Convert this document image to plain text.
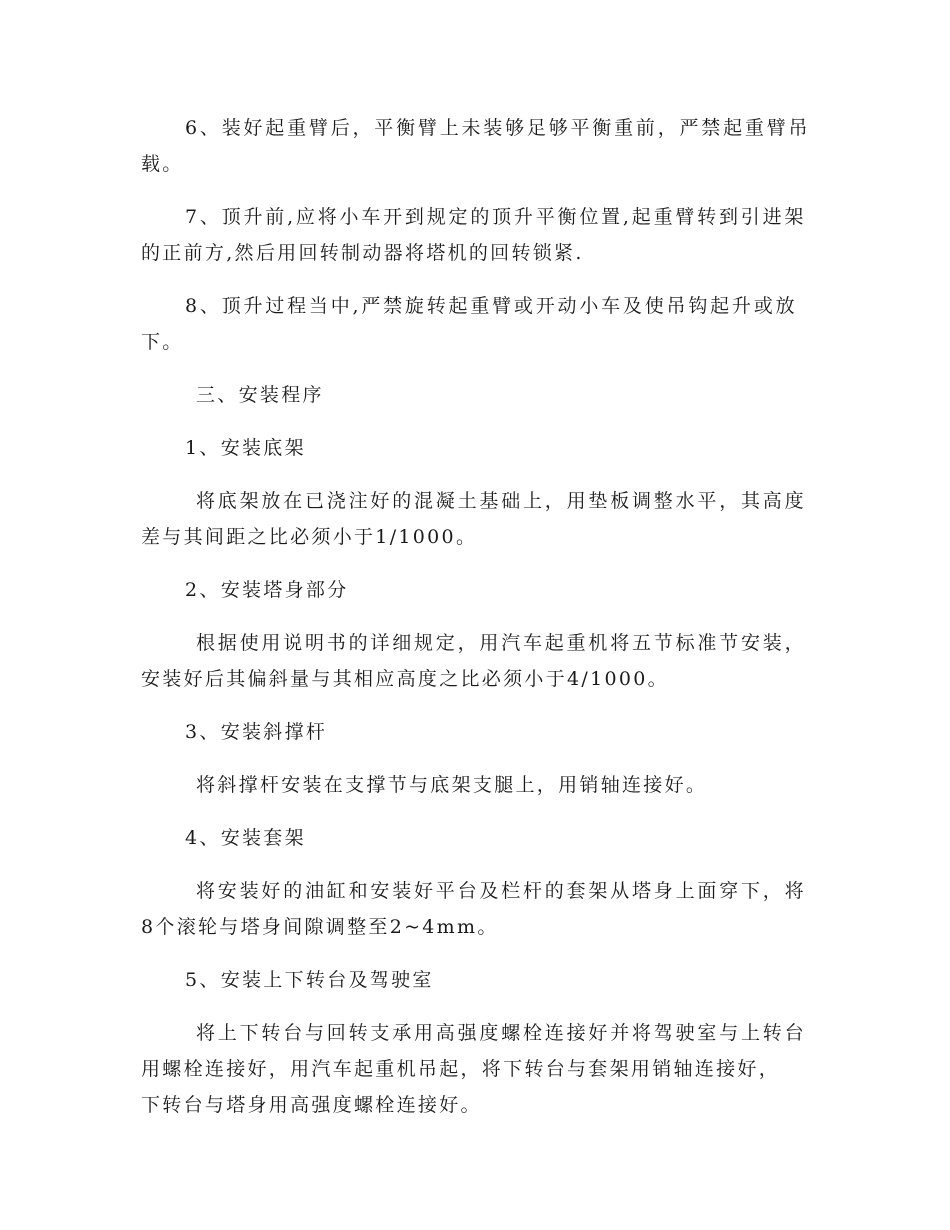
6、装好起重臂后，平衡臂上未装够足够平衡重前，严禁起重臂吊
载。
7、顶升前,应将小车开到规定的顶升平衡位置,起重臂转到引进架
的正前方,然后用回转制动器将塔机的回转锁紧.
8、顶升过程当中,严禁旋转起重臂或开动小车及使吊钩起升或放
下。
三、安装程序
1、安装底架
将底架放在已浇注好的混凝土基础上，用垫板调整水平，其高度
差与其间距之比必须小于1/1000。
2、安装塔身部分
根据使用说明书的详细规定，用汽车起重机将五节标准节安装，
安装好后其偏斜量与其相应高度之比必须小于4/1000。
3、安装斜撑杆
将斜撑杆安装在支撑节与底架支腿上，用销轴连接好。
4、安装套架
将安装好的油缸和安装好平台及栏杆的套架从塔身上面穿下，将
8个滚轮与塔身间隙调整至2~4mm。
5、安装上下转台及驾驶室
将上下转台与回转支承用高强度螺栓连接好并将驾驶室与上转台
用螺栓连接好，用汽车起重机吊起，将下转台与套架用销轴连接好，
下转台与塔身用高强度螺栓连接好。
